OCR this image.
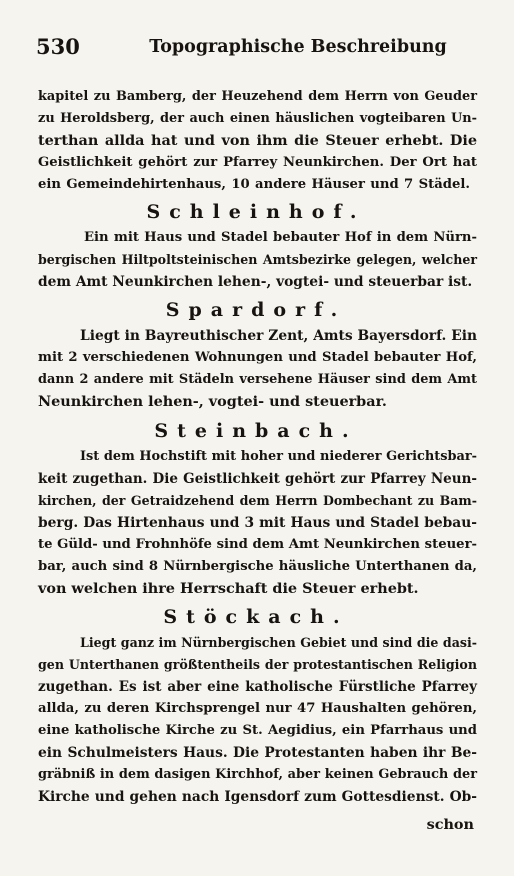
530	Topographische Beschreibung
kapitel zu Bamberg, der Heuzehend dem Herrn von Geuder
zu Heroldsberg, der auch einen häuslichen vogteibaren Un-
terthan allda hat und von ihm die Steuer erhebt. Die
Geistlichkeit gehört zur Pfarrey Neunkirchen. Der Ort hat
ein Gemeindehirtenhaus, 10 andere Häuser und 7 Städel.
Schleinhof.
Ein mit Haus und Stadel bebauter Hof in dem Nürn-
bergischen Hiltpoltsteinischen Amtsbezirke gelegen, welcher
dem Amt Neunkirchen lehen-, vogtei- und steuerbar ist.
Spardorf.
Liegt in Bayreuthischer Zent, Amts Bayersdorf. Ein
mit 2 verschiedenen Wohnungen und Stadel bebauter Hof,
dann 2 andere mit Städeln versehene Häuser sind dem Amt
Neunkirchen lehen-, vogtei- und steuerbar.
Steinbach.
Ist dem Hochstift mit hoher und niederer Gerichtsbar-
keit zugethan. Die Geistlichkeit gehört zur Pfarrey Neun-
kirchen, der Getraidzehend dem Herrn Dombechant zu Bam-
berg. Das Hirtenhaus und 3 mit Haus und Stadel bebau-
te Güld- und Frohnhöfe sind dem Amt Neunkirchen steuer-
bar, auch sind 8 Nürnbergische häusliche Unterthanen da,
von welchen ihre Herrschaft die Steuer erhebt.
Stöckach.
Liegt ganz im Nürnbergischen Gebiet und sind die dasi-
gen Unterthanen größtentheils der protestantischen Religion
zugethan. Es ist aber eine katholische Fürstliche Pfarrey
allda, zu deren Kirchsprengel nur 47 Haushalten gehören,
eine katholische Kirche zu St. Aegidius, ein Pfarrhaus und
ein Schulmeisters Haus. Die Protestanten haben ihr Be-
gräbniß in dem dasigen Kirchhof, aber keinen Gebrauch der
Kirche und gehen nach Igensdorf zum Gottesdienst. Ob-
schon
